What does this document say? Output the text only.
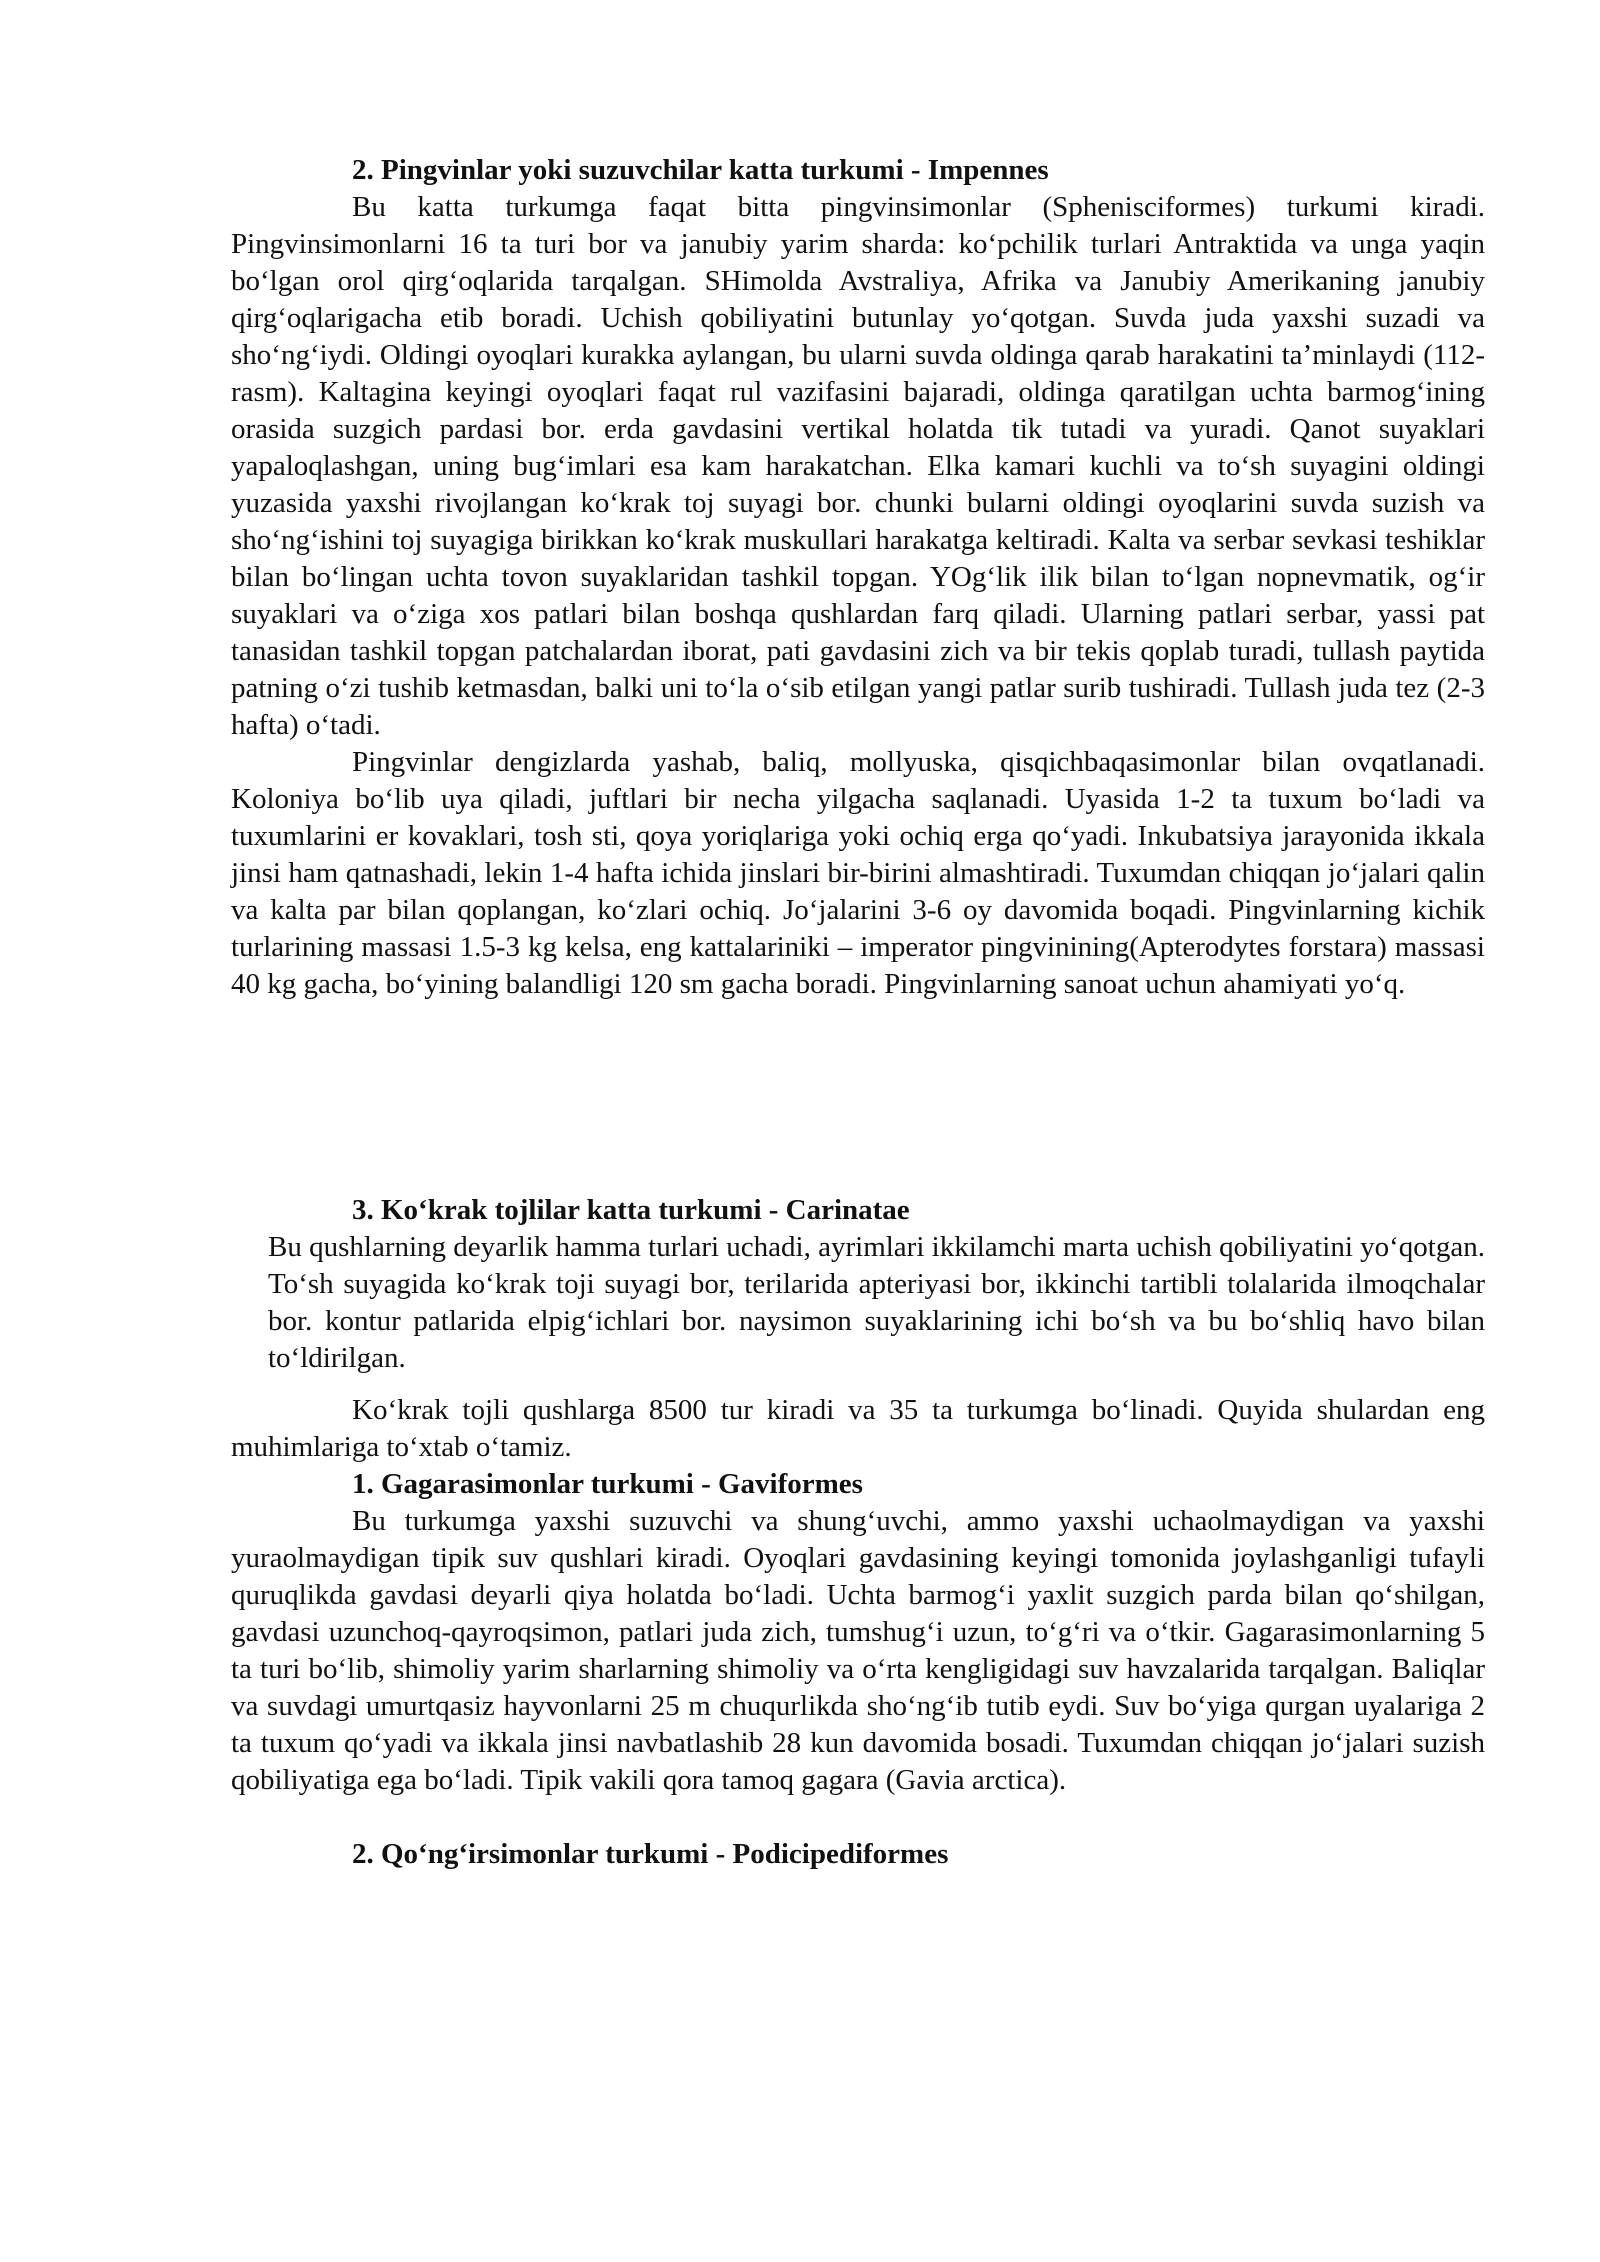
2. Pingvinlar yoki suzuvchilar katta turkumi - Impennes

Bu katta turkumga faqat bitta pingvinsimonlar (Sphenisciformes) turkumi kiradi. Pingvinsimonlarni 16 ta turi bor va janubiy yarim sharda: ko‘pchilik turlari Antraktida va unga yaqin bo‘lgan orol qirg‘oqlarida tarqalgan. SHimolda Avstraliya, Afrika va Janubiy Amerikaning janubiy qirg‘oqlarigacha etib boradi. Uchish qobiliyatini butunlay yo‘qotgan. Suvda juda yaxshi suzadi va sho‘ng‘iydi. Oldingi oyoqlari kurakka aylangan, bu ularni suvda oldinga qarab harakatini ta’minlaydi (112-rasm). Kaltagina keyingi oyoqlari faqat rul vazifasini bajaradi, oldinga qaratilgan uchta barmog‘ining orasida suzgich pardasi bor. erda gavdasini vertikal holatda tik tutadi va yuradi. Qanot suyaklari yapaloqlashgan, uning bug‘imlari esa kam harakatchan. Elka kamari kuchli va to‘sh suyagini oldingi yuzasida yaxshi rivojlangan ko‘krak toj suyagi bor. chunki bularni oldingi oyoqlarini suvda suzish va sho‘ng‘ishini toj suyagiga birikkan ko‘krak muskullari harakatga keltiradi. Kalta va serbar sevkasi teshiklar bilan bo‘lingan uchta tovon suyaklaridan tashkil topgan. YOg‘lik ilik bilan to‘lgan nopnevmatik, og‘ir suyaklari va o‘ziga xos patlari bilan boshqa qushlardan farq qiladi. Ularning patlari serbar, yassi pat tanasidan tashkil topgan patchalardan iborat, pati gavdasini zich va bir tekis qoplab turadi, tullash paytida patning o‘zi tushib ketmasdan, balki uni to‘la o‘sib etilgan yangi patlar surib tushiradi. Tullash juda tez (2-3 hafta) o‘tadi.

Pingvinlar dengizlarda yashab, baliq, mollyuska, qisqichbaqasimonlar bilan ovqatlanadi. Koloniya bo‘lib uya qiladi, juftlari bir necha yilgacha saqlanadi. Uyasida 1-2 ta tuxum bo‘ladi va tuxumlarini er kovaklari, tosh sti, qoya yoriqlariga yoki ochiq erga qo‘yadi. Inkubatsiya jarayonida ikkala jinsi ham qatnashadi, lekin 1-4 hafta ichida jinslari bir-birini almashtiradi. Tuxumdan chiqqan jo‘jalari qalin va kalta par bilan qoplangan, ko‘zlari ochiq. Jo‘jalarini 3-6 oy davomida boqadi. Pingvinlarning kichik turlarining massasi 1.5-3 kg kelsa, eng kattalariniki – imperator pingvinining(Apterodytes forstara) massasi 40 kg gacha, bo‘yining balandligi 120 sm gacha boradi. Pingvinlarning sanoat uchun ahamiyati yo‘q.

3. Ko‘krak tojlilar katta turkumi - Carinatae

Bu qushlarning deyarlik hamma turlari uchadi, ayrimlari ikkilamchi marta uchish qobiliyatini yo‘qotgan. To‘sh suyagida ko‘krak toji suyagi bor, terilarida apteriyasi bor, ikkinchi tartibli tolalarida ilmoqchalar bor. kontur patlarida elpig‘ichlari bor. naysimon suyaklarining ichi bo‘sh va bu bo‘shliq havo bilan to‘ldirilgan.

Ko‘krak tojli qushlarga 8500 tur kiradi va 35 ta turkumga bo‘linadi. Quyida shulardan eng muhimlariga to‘xtab o‘tamiz.

1. Gagarasimonlar turkumi - Gaviformes

Bu turkumga yaxshi suzuvchi va shung‘uvchi, ammo yaxshi uchaolmaydigan va yaxshi yuraolmaydigan tipik suv qushlari kiradi. Oyoqlari gavdasining keyingi tomonida joylashganligi tufayli quruqlikda gavdasi deyarli qiya holatda bo‘ladi. Uchta barmog‘i yaxlit suzgich parda bilan qo‘shilgan, gavdasi uzunchoq-qayroqsimon, patlari juda zich, tumshug‘i uzun, to‘g‘ri va o‘tkir. Gagarasimonlarning 5 ta turi bo‘lib, shimoliy yarim sharlarning shimoliy va o‘rta kengligidagi suv havzalarida tarqalgan. Baliqlar va suvdagi umurtqasiz hayvonlarni 25 m chuqurlikda sho‘ng‘ib tutib eydi. Suv bo‘yiga qurgan uyalariga 2 ta tuxum qo‘yadi va ikkala jinsi navbatlashib 28 kun davomida bosadi. Tuxumdan chiqqan jo‘jalari suzish qobiliyatiga ega bo‘ladi. Tipik vakili qora tamoq gagara (Gavia arctica).

2. Qo‘ng‘irsimonlar turkumi - Podicipediformes
